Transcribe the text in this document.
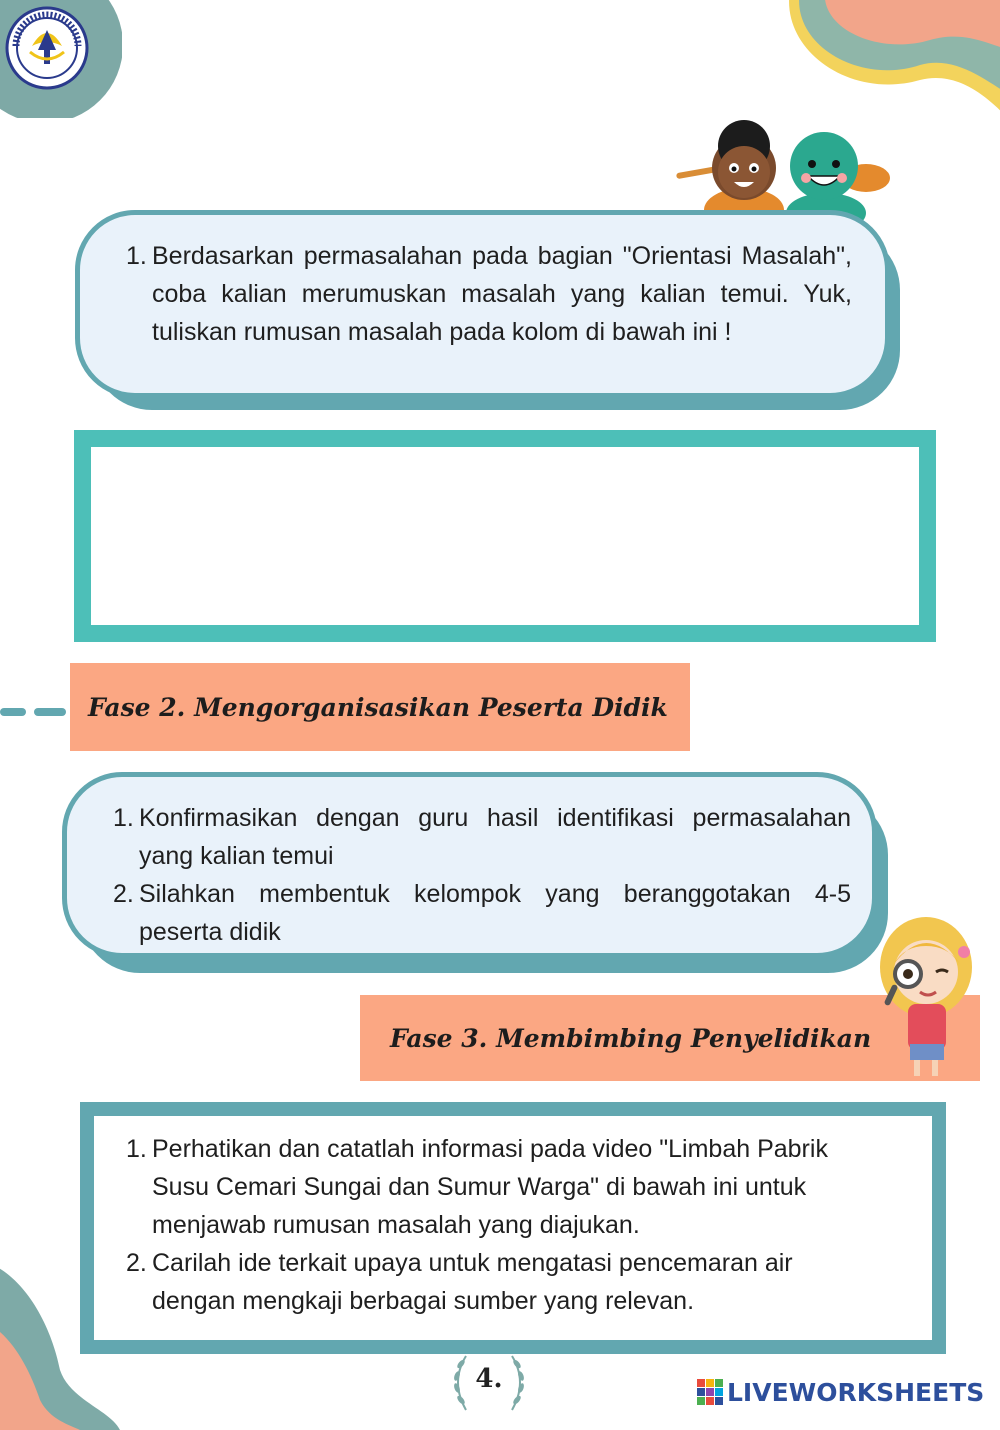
1. Berdasarkan permasalahan pada bagian "Orientasi Masalah", coba kalian merumuskan masalah yang kalian temui. Yuk, tuliskan rumusan masalah pada kolom di bawah ini !
Fase 2. Mengorganisasikan Peserta Didik
1. Konfirmasikan dengan guru hasil identifikasi permasalahan yang kalian temui
2. Silahkan membentuk kelompok yang beranggotakan 4-5 peserta didik
Fase 3. Membimbing Penyelidikan
1. Perhatikan dan catatlah informasi pada video "Limbah Pabrik Susu Cemari Sungai dan Sumur Warga" di bawah ini untuk menjawab rumusan masalah yang diajukan.
2. Carilah ide terkait upaya untuk mengatasi pencemaran air dengan mengkaji berbagai sumber yang relevan.
4.	LIVEWORKSHEETS
